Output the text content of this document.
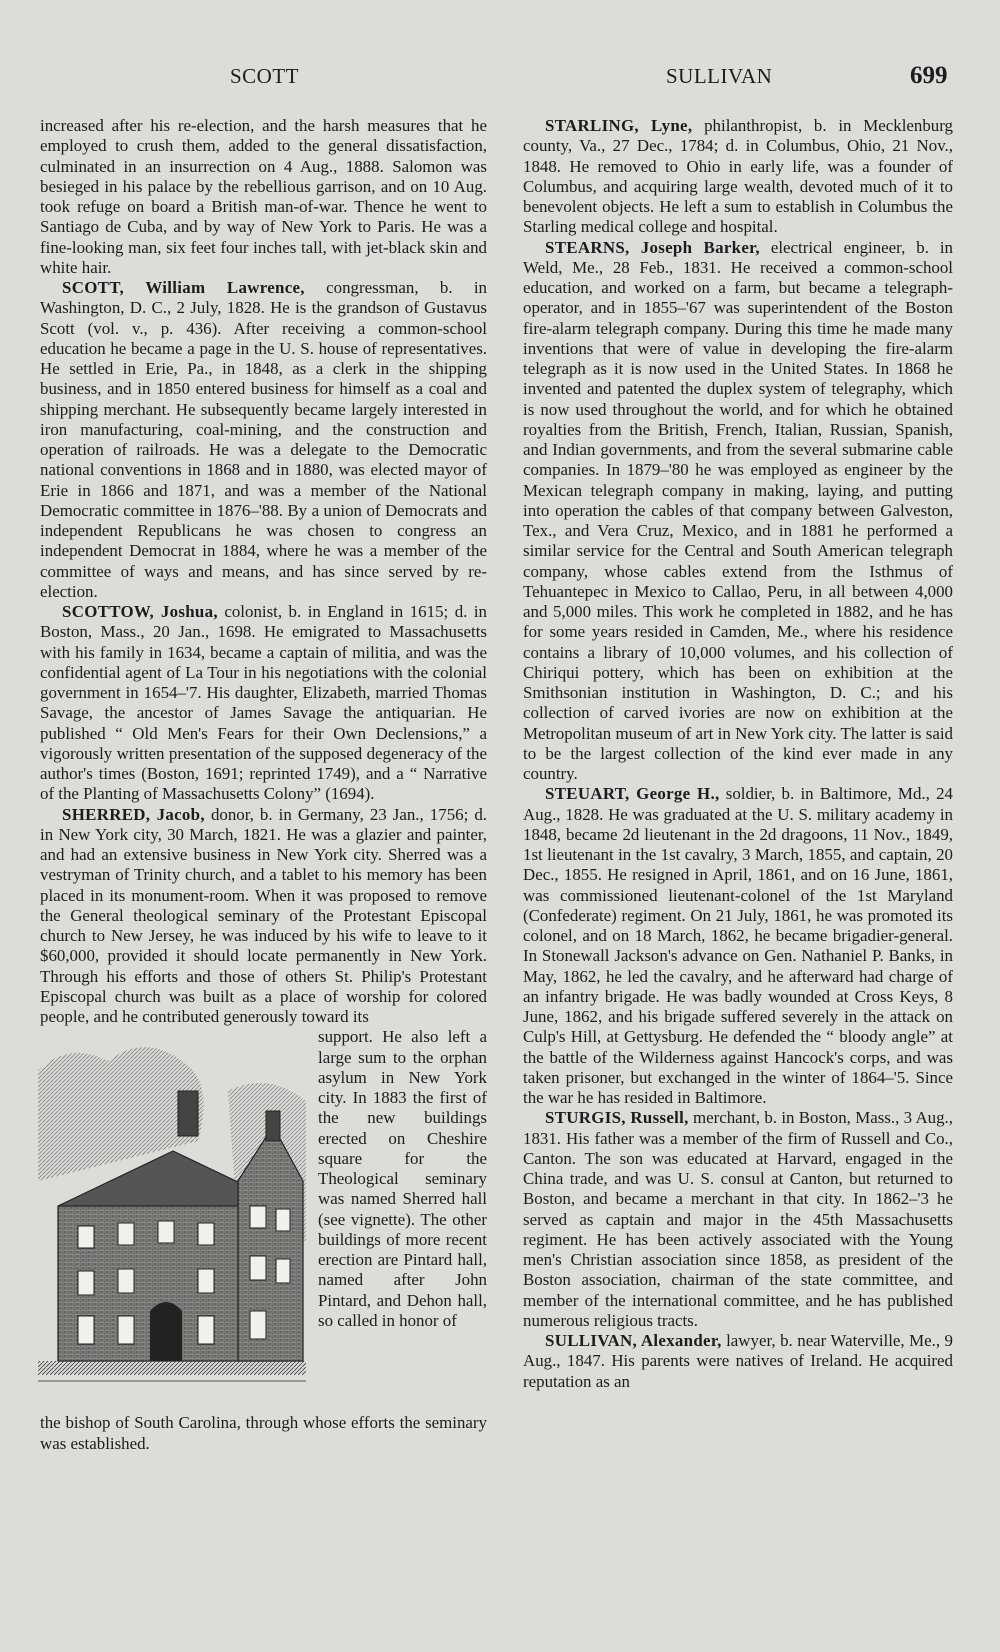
SCOTT	SULLIVAN	699

increased after his re-election, and the harsh measures that he employed to crush them, added to the general dissatisfaction, culminated in an insurrection on 4 Aug., 1888. Salomon was besieged in his palace by the rebellious garrison, and on 10 Aug. took refuge on board a British man-of-war. Thence he went to Santiago de Cuba, and by way of New York to Paris. He was a fine-looking man, six feet four inches tall, with jet-black skin and white hair.

SCOTT, William Lawrence, congressman, b. in Washington, D. C., 2 July, 1828. He is the grandson of Gustavus Scott (vol. v., p. 436). After receiving a common-school education he became a page in the U. S. house of representatives. He settled in Erie, Pa., in 1848, as a clerk in the shipping business, and in 1850 entered business for himself as a coal and shipping merchant. He subsequently became largely interested in iron manufacturing, coal-mining, and the construction and operation of railroads. He was a delegate to the Democratic national conventions in 1868 and in 1880, was elected mayor of Erie in 1866 and 1871, and was a member of the National Democratic committee in 1876–'88. By a union of Democrats and independent Republicans he was chosen to congress an independent Democrat in 1884, where he was a member of the committee of ways and means, and has since served by re-election.

SCOTTOW, Joshua, colonist, b. in England in 1615; d. in Boston, Mass., 20 Jan., 1698. He emigrated to Massachusetts with his family in 1634, became a captain of militia, and was the confidential agent of La Tour in his negotiations with the colonial government in 1654–'7. His daughter, Elizabeth, married Thomas Savage, the ancestor of James Savage the antiquarian. He published “ Old Men's Fears for their Own Declensions,” a vigorously written presentation of the supposed degeneracy of the author's times (Boston, 1691; reprinted 1749), and a “ Narrative of the Planting of Massachusetts Colony” (1694).

SHERRED, Jacob, donor, b. in Germany, 23 Jan., 1756; d. in New York city, 30 March, 1821. He was a glazier and painter, and had an extensive business in New York city. Sherred was a vestryman of Trinity church, and a tablet to his memory has been placed in its monument-room. When it was proposed to remove the General theological seminary of the Protestant Episcopal church to New Jersey, he was induced by his wife to leave to it $60,000, provided it should locate permanently in New York. Through his efforts and those of others St. Philip's Protestant Episcopal church was built as a place of worship for colored people, and he contributed generously toward its

support. He also left a large sum to the orphan asylum in New York city. In 1883 the first of the new buildings erected on Cheshire square for the Theological seminary was named Sherred hall (see vignette). The other buildings of more recent erection are Pintard hall, named after John Pintard, and Dehon hall, so called in honor of

the bishop of South Carolina, through whose efforts the seminary was established.

STARLING, Lyne, philanthropist, b. in Mecklenburg county, Va., 27 Dec., 1784; d. in Columbus, Ohio, 21 Nov., 1848. He removed to Ohio in early life, was a founder of Columbus, and acquiring large wealth, devoted much of it to benevolent objects. He left a sum to establish in Columbus the Starling medical college and hospital.

STEARNS, Joseph Barker, electrical engineer, b. in Weld, Me., 28 Feb., 1831. He received a common-school education, and worked on a farm, but became a telegraph-operator, and in 1855–'67 was superintendent of the Boston fire-alarm telegraph company. During this time he made many inventions that were of value in developing the fire-alarm telegraph as it is now used in the United States. In 1868 he invented and patented the duplex system of telegraphy, which is now used throughout the world, and for which he obtained royalties from the British, French, Italian, Russian, Spanish, and Indian governments, and from the several submarine cable companies. In 1879–'80 he was employed as engineer by the Mexican telegraph company in making, laying, and putting into operation the cables of that company between Galveston, Tex., and Vera Cruz, Mexico, and in 1881 he performed a similar service for the Central and South American telegraph company, whose cables extend from the Isthmus of Tehuantepec in Mexico to Callao, Peru, in all between 4,000 and 5,000 miles. This work he completed in 1882, and he has for some years resided in Camden, Me., where his residence contains a library of 10,000 volumes, and his collection of Chiriqui pottery, which has been on exhibition at the Smithsonian institution in Washington, D. C.; and his collection of carved ivories are now on exhibition at the Metropolitan museum of art in New York city. The latter is said to be the largest collection of the kind ever made in any country.

STEUART, George H., soldier, b. in Baltimore, Md., 24 Aug., 1828. He was graduated at the U. S. military academy in 1848, became 2d lieutenant in the 2d dragoons, 11 Nov., 1849, 1st lieutenant in the 1st cavalry, 3 March, 1855, and captain, 20 Dec., 1855. He resigned in April, 1861, and on 16 June, 1861, was commissioned lieutenant-colonel of the 1st Maryland (Confederate) regiment. On 21 July, 1861, he was promoted its colonel, and on 18 March, 1862, he became brigadier-general. In Stonewall Jackson's advance on Gen. Nathaniel P. Banks, in May, 1862, he led the cavalry, and he afterward had charge of an infantry brigade. He was badly wounded at Cross Keys, 8 June, 1862, and his brigade suffered severely in the attack on Culp's Hill, at Gettysburg. He defended the “ bloody angle” at the battle of the Wilderness against Hancock's corps, and was taken prisoner, but exchanged in the winter of 1864–'5. Since the war he has resided in Baltimore.

STURGIS, Russell, merchant, b. in Boston, Mass., 3 Aug., 1831. His father was a member of the firm of Russell and Co., Canton. The son was educated at Harvard, engaged in the China trade, and was U. S. consul at Canton, but returned to Boston, and became a merchant in that city. In 1862–'3 he served as captain and major in the 45th Massachusetts regiment. He has been actively associated with the Young men's Christian association since 1858, as president of the Boston association, chairman of the state committee, and member of the international committee, and he has published numerous religious tracts.

SULLIVAN, Alexander, lawyer, b. near Waterville, Me., 9 Aug., 1847. His parents were natives of Ireland. He acquired reputation as an
